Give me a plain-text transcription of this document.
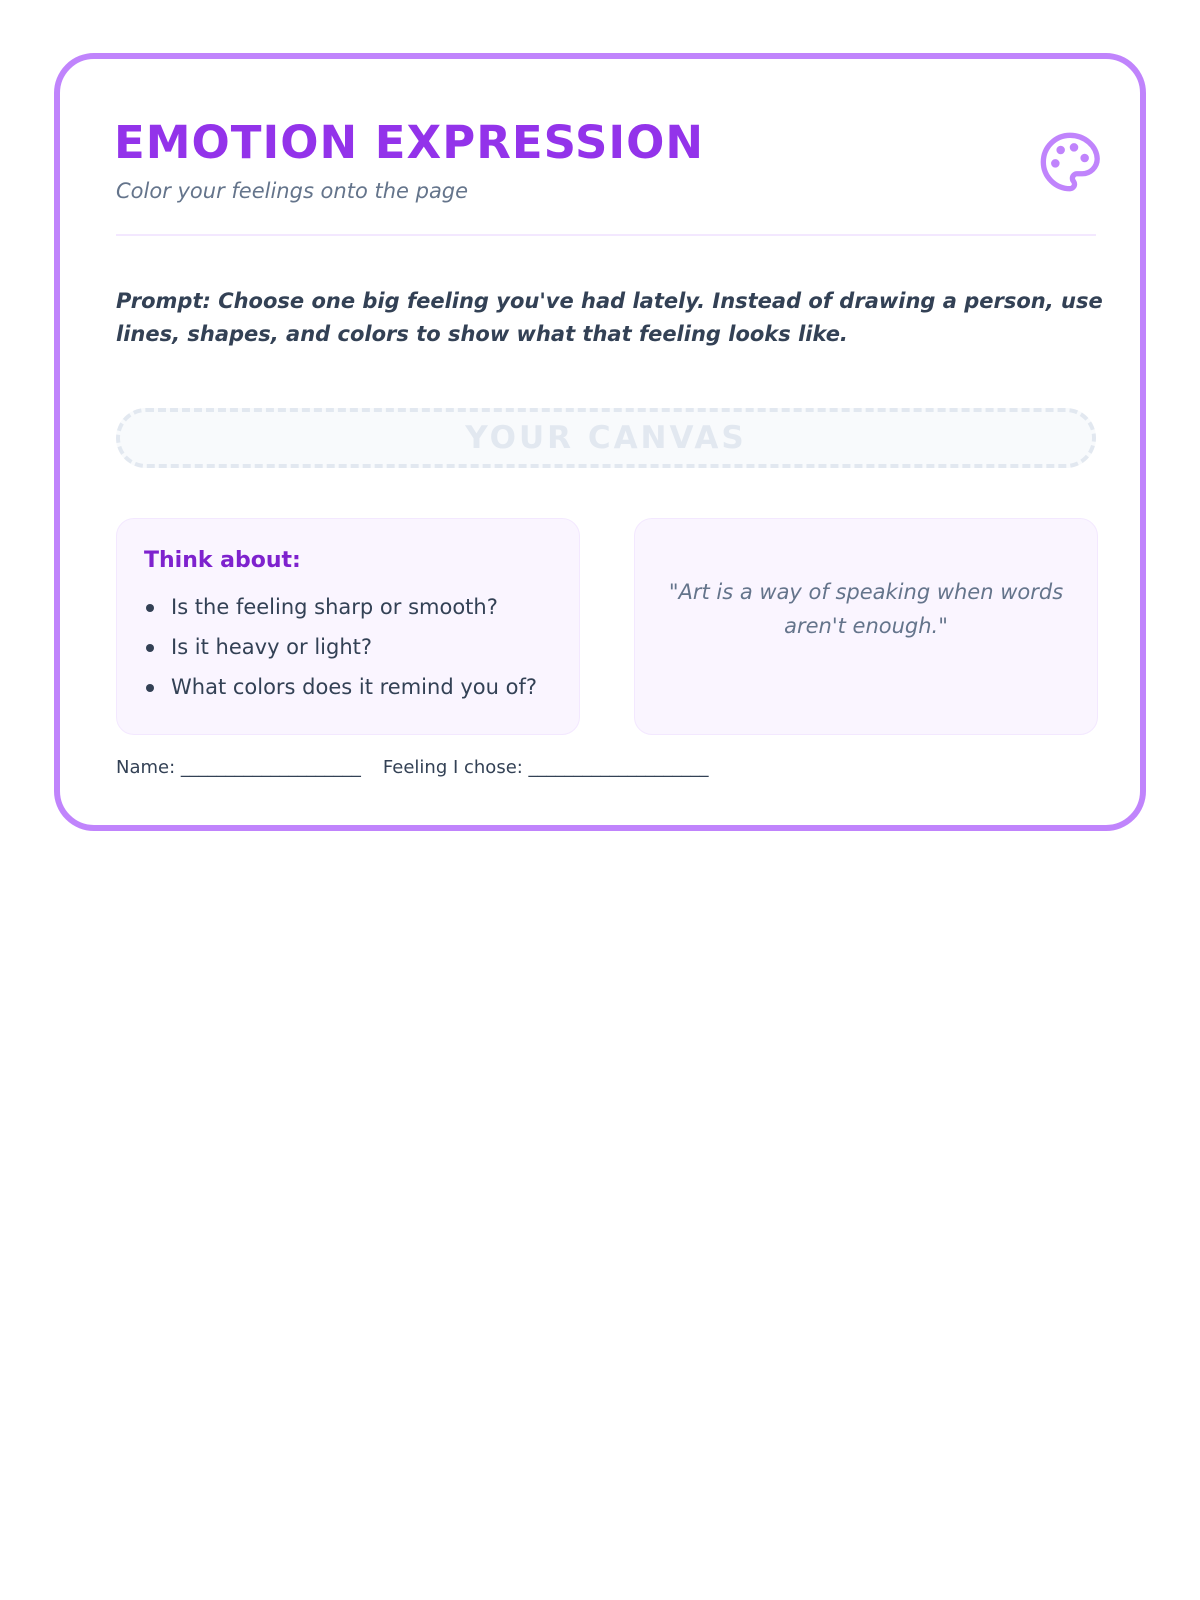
EMOTION EXPRESSION
Color your feelings onto the page

Prompt: Choose one big feeling you've had lately. Instead of drawing a person, use lines, shapes, and colors to show what that feeling looks like.

YOUR CANVAS
Think about:
Is the feeling sharp or smooth?
Is it heavy or light?
What colors does it remind you of?
"Art is a way of speaking when words aren't enough."
Name: ____________________ Feeling I chose: ____________________
